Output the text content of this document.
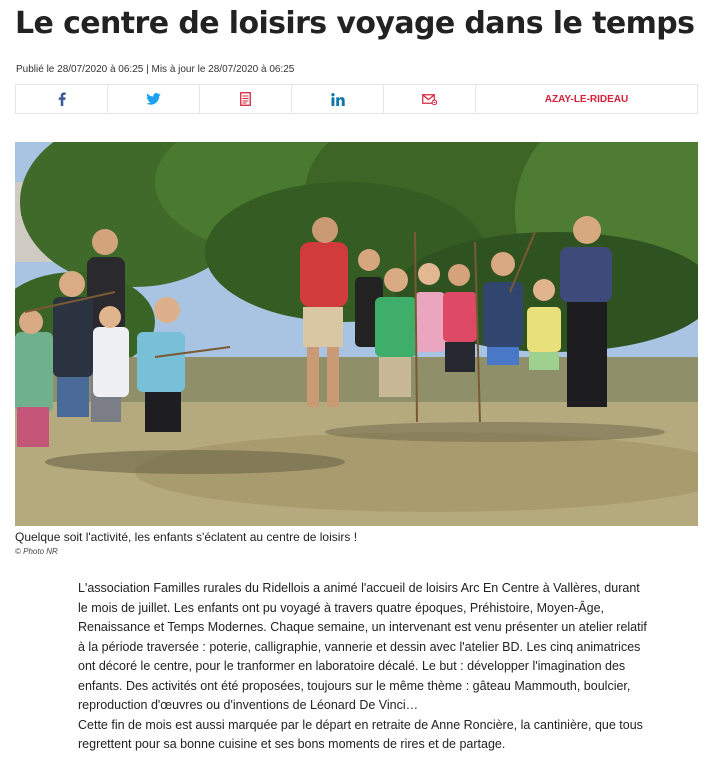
Le centre de loisirs voyage dans le temps
Publié le 28/07/2020 à 06:25 | Mis à jour le 28/07/2020 à 06:25
AZAY-LE-RIDEAU
Quelque soit l'activité, les enfants s'éclatent au centre de loisirs !
© Photo NR

L'association Familles rurales du Ridellois a animé l'accueil de loisirs Arc En Centre à Vallères, durant le mois de juillet. Les enfants ont pu voyagé à travers quatre époques, Préhistoire, Moyen-Âge, Renaissance et Temps Modernes. Chaque semaine, un intervenant est venu présenter un atelier relatif à la période traversée : poterie, calligraphie, vannerie et dessin avec l'atelier BD. Les cinq animatrices ont décoré le centre, pour le tranformer en laboratoire décalé. Le but : développer l'imagination des enfants. Des activités ont été proposées, toujours sur le même thème : gâteau Mammouth, boulcier, reproduction d'œuvres ou d'inventions de Léonard De Vinci…

Cette fin de mois est aussi marquée par le départ en retraite de Anne Roncière, la cantinière, que tous regrettent pour sa bonne cuisine et ses bons moments de rires et de partage.
